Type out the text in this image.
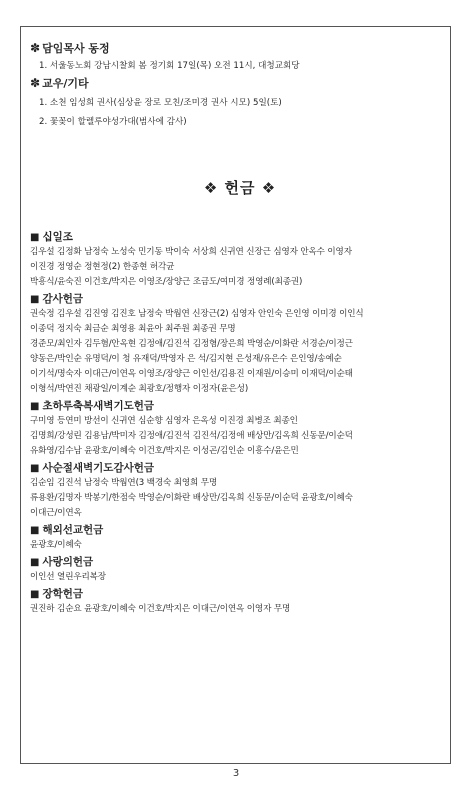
✽ 담임목사 동정
1. 서울동노회 강남시찰회 봄 정기회 17일(목) 오전 11시, 대청교회당
✽ 교우/기타
1. 소천 임성희 권사(심상윤 장로 모친/조미경 권사 시모) 5일(토)
2. 꽃꽂이 할렐루야성가대(범사에 감사)
❖ 헌금 ❖
■ 십일조
김우설 김정화 남정숙 노성숙 민기동 박이숙 서상희 신귀연 신장근 심영자 안옥수 이영자
이진경 정영순 정현정(2) 한종현 허각균
박흥식/윤숙진 이건호/박지은 이영조/장양근 조금도/여미경 정영례(최종권)
■ 감사헌금
권숙정 김우설 김진영 김진호 남정숙 박웜연 신장근(2) 심영자 안인숙 은인영 이미경 이인식
이종덕 정지숙 최금순 최영용 최윤아 최주원 최종권 무명
경준모/최인자 김두혐/안옥현 김정애/김진석 김정혐/장은희 박영순/이화란 서경순/이정근
양동은/박인순 유명덕/이 청 유재덕/박영자 은 석/김지현 은성재/유은수 은인영/송예순
이기석/명숙자 이대근/이연옥 이영조/장양근 이인선/김용진 이재원/이승미 이재덕/이순태
이형석/박연진 채광일/이계순 최광호/정행자 이정자(윤은성)
■ 초하루축복새벽기도헌금
구미영 등연미 방선이 신귀연 심순향 심영자 은옥성 이진경 최병조 최종인
김명희/강성린 김용남/박미자 김정애/김진석 김진석/김정애 배상만/김옥희 신동문/이순덕
유화영/김수남 윤광호/이혜숙 이건호/박지은 이성곤/김인순 이흥수/윤은민
■ 사순절새벽기도감사헌금
김순임 김진석 남정숙 박웜연(3 백경숙 최영희 무명
류용환/김명자 박봉기/한점숙 박영순/이화란 배상만/김옥희 신동문/이순덕 윤광호/이혜숙
이대근/이연옥
■ 해외선교헌금
윤광호/이혜숙
■ 사랑의헌금
이인선 열린우리복장
■ 장학헌금
권진하 김순요 윤광호/이혜숙 이건호/박지은 이대근/이연옥 이영자 무명
3
